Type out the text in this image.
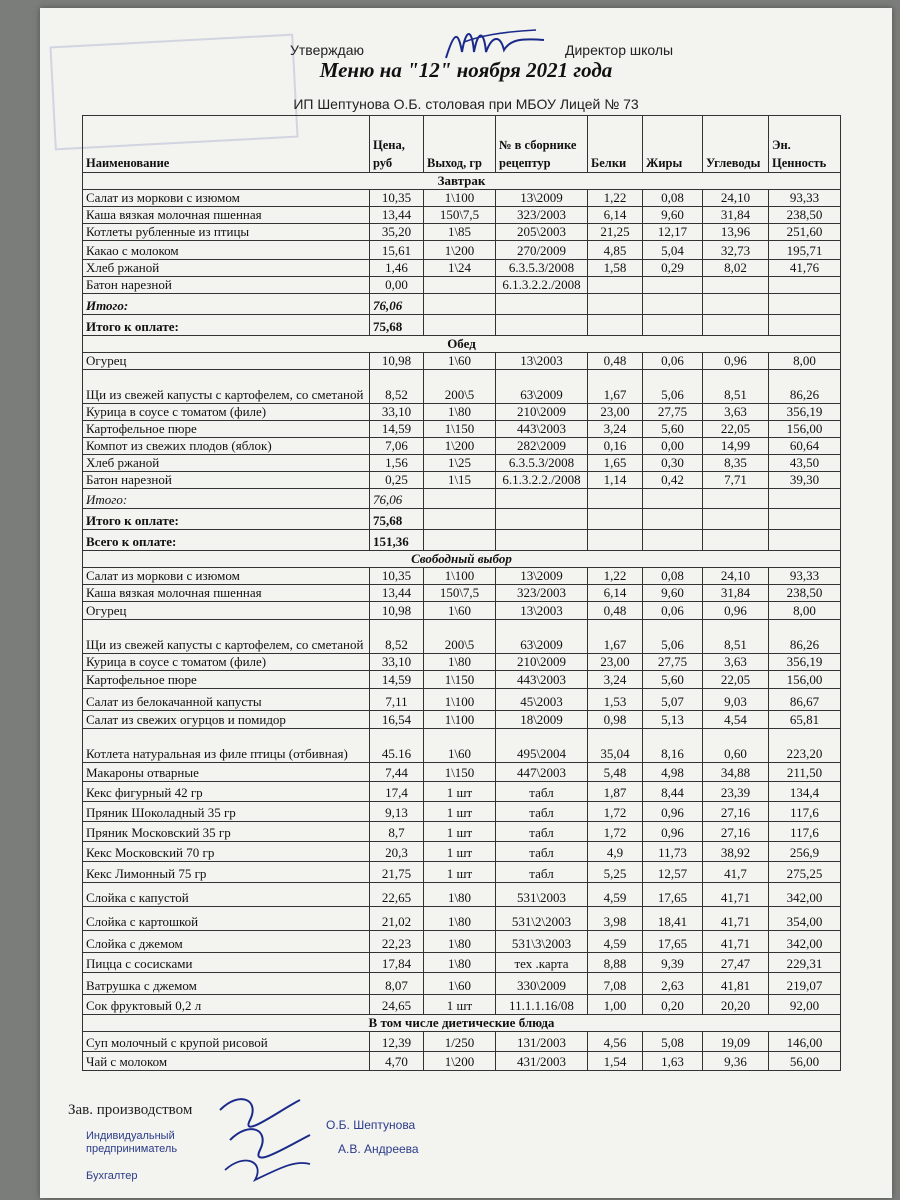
Утверждаю	Директор школы
Меню на "12" ноября 2021 года
ИП Шептунова О.Б. столовая при МБОУ Лицей № 73
Наименование	Цена, руб	Выход, гр	№ в сборнике рецептур	Белки	Жиры	Углеводы	Эн. Ценность
Завтрак							
Салат из моркови с изюмом	10,35	1\100	13\2009	1,22	0,08	24,10	93,33
Каша вязкая молочная пшенная	13,44	150\7,5	323/2003	6,14	9,60	31,84	238,50
Котлеты рубленные из птицы	35,20	1\85	205\2003	21,25	12,17	13,96	251,60
Какао с молоком	15,61	1\200	270/2009	4,85	5,04	32,73	195,71
Хлеб ржаной	1,46	1\24	6.3.5.3/2008	1,58	0,29	8,02	41,76
Батон нарезной	0,00		6.1.3.2.2./2008				
Итого:	76,06						
Итого к оплате:	75,68						
Обед							
Огурец	10,98	1\60	13\2003	0,48	0,06	0,96	8,00
Щи из свежей капусты с картофелем, со сметаной	8,52	200\5	63\2009	1,67	5,06	8,51	86,26
Курица в соусе с томатом (филе)	33,10	1\80	210\2009	23,00	27,75	3,63	356,19
Картофельное пюре	14,59	1\150	443\2003	3,24	5,60	22,05	156,00
Компот из свежих плодов (яблок)	7,06	1\200	282\2009	0,16	0,00	14,99	60,64
Хлеб ржаной	1,56	1\25	6.3.5.3/2008	1,65	0,30	8,35	43,50
Батон нарезной	0,25	1\15	6.1.3.2.2./2008	1,14	0,42	7,71	39,30
Итого:	76,06						
Итого к оплате:	75,68						
Всего к оплате:	151,36						
Свободный выбор							
Салат из моркови с изюмом	10,35	1\100	13\2009	1,22	0,08	24,10	93,33
Каша вязкая молочная пшенная	13,44	150\7,5	323/2003	6,14	9,60	31,84	238,50
Огурец	10,98	1\60	13\2003	0,48	0,06	0,96	8,00
Щи из свежей капусты с картофелем, со сметаной	8,52	200\5	63\2009	1,67	5,06	8,51	86,26
Курица в соусе с томатом (филе)	33,10	1\80	210\2009	23,00	27,75	3,63	356,19
Картофельное пюре	14,59	1\150	443\2003	3,24	5,60	22,05	156,00
Салат из белокачанной капусты	7,11	1\100	45\2003	1,53	5,07	9,03	86,67
Салат из свежих огурцов и помидор	16,54	1\100	18\2009	0,98	5,13	4,54	65,81
Котлета натуральная из филе птицы (отбивная)	45.16	1\60	495\2004	35,04	8,16	0,60	223,20
Макароны отварные	7,44	1\150	447\2003	5,48	4,98	34,88	211,50
Кекс фигурный 42 гр	17,4	1 шт	табл	1,87	8,44	23,39	134,4
Пряник Шоколадный 35 гр	9,13	1 шт	табл	1,72	0,96	27,16	117,6
Пряник Московский 35 гр	8,7	1 шт	табл	1,72	0,96	27,16	117,6
Кекс Московский 70 гр	20,3	1 шт	табл	4,9	11,73	38,92	256,9
Кекс Лимонный 75 гр	21,75	1 шт	табл	5,25	12,57	41,7	275,25
Слойка с капустой	22,65	1\80	531\2003	4,59	17,65	41,71	342,00
Слойка с картошкой	21,02	1\80	531\2\2003	3,98	18,41	41,71	354,00
Слойка с джемом	22,23	1\80	531\3\2003	4,59	17,65	41,71	342,00
Пицца с сосисками	17,84	1\80	тех .карта	8,88	9,39	27,47	229,31
Ватрушка с джемом	8,07	1\60	330\2009	7,08	2,63	41,81	219,07
Сок фруктовый 0,2 л	24,65	1 шт	11.1.1.16/08	1,00	0,20	20,20	92,00
В том числе диетические блюда							
Суп молочный с крупой рисовой	12,39	1/250	131/2003	4,56	5,08	19,09	146,00
Чай с молоком	4,70	1\200	431/2003	1,54	1,63	9,36	56,00
Зав. производством
Индивидуальный предприниматель
Бухгалтер
О.Б. Шептунова
А.В. Андреева
